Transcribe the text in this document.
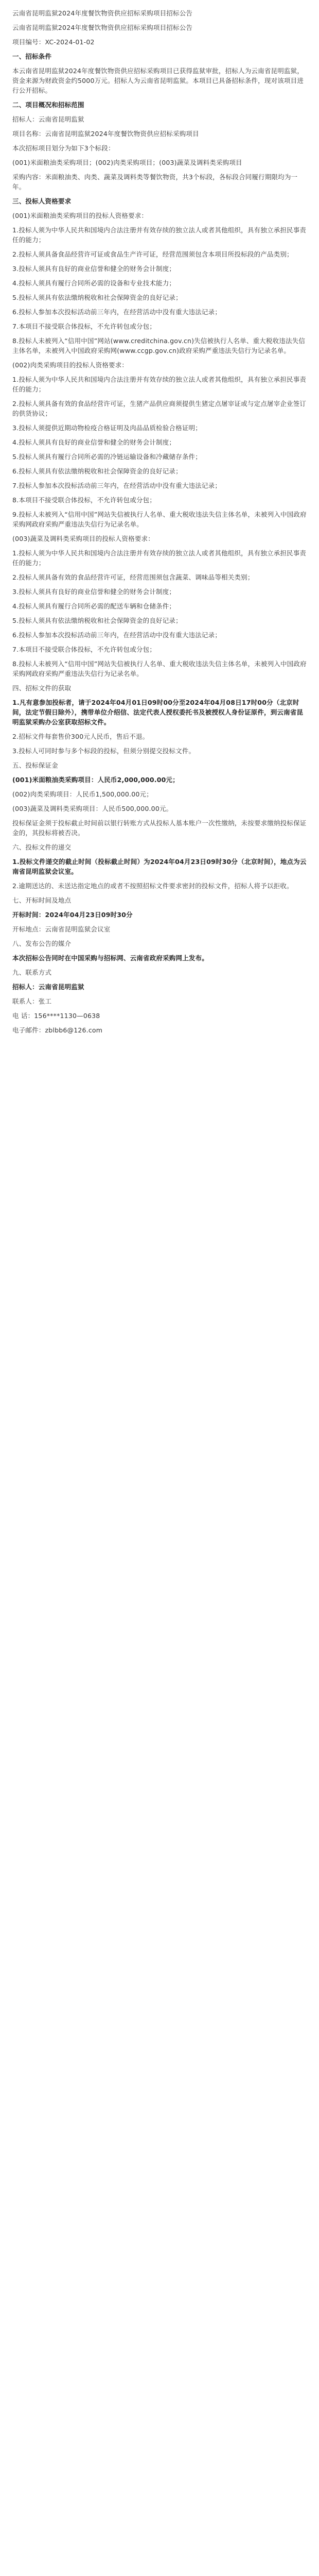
云南省昆明监狱2024年度餐饮物资供应招标采购项目招标公告

云南省昆明监狱2024年度餐饮物资供应招标采购项目招标公告

项目编号：XC-2024-01-02

一、招标条件

本云南省昆明监狱2024年度餐饮物资供应招标采购项目已获得监狱审批，招标人为云南省昆明监狱，资金来源为财政资金约5000万元。招标人为云南省昆明监狱。本项目已具备招标条件，现对该项目进行公开招标。

二、项目概况和招标范围

招标人：云南省昆明监狱

项目名称：云南省昆明监狱2024年度餐饮物资供应招标采购项目

本次招标项目划分为如下3个标段：

(001)米面粮油类采购项目；(002)肉类采购项目；(003)蔬菜及调料类采购项目

采购内容：米面粮油类、肉类、蔬菜及调料类等餐饮物资，共3个标段，各标段合同履行期限均为一年。

三、投标人资格要求

(001)米面粮油类采购项目的投标人资格要求：

1.投标人须为中华人民共和国境内合法注册并有效存续的独立法人或者其他组织，具有独立承担民事责任的能力；

2.投标人须具备食品经营许可证或食品生产许可证，经营范围须包含本项目所投标段的产品类别；

3.投标人须具有良好的商业信誉和健全的财务会计制度；

4.投标人须具有履行合同所必需的设备和专业技术能力；

5.投标人须具有依法缴纳税收和社会保障资金的良好记录；

6.投标人参加本次投标活动前三年内，在经营活动中没有重大违法记录；

7.本项目不接受联合体投标，不允许转包或分包；

8.投标人未被列入“信用中国”网站(www.creditchina.gov.cn)失信被执行人名单、重大税收违法失信主体名单，未被列入中国政府采购网(www.ccgp.gov.cn)政府采购严重违法失信行为记录名单。

(002)肉类采购项目的投标人资格要求：

1.投标人须为中华人民共和国境内合法注册并有效存续的独立法人或者其他组织，具有独立承担民事责任的能力；

2.投标人须具备有效的食品经营许可证，生猪产品供应商须提供生猪定点屠宰证或与定点屠宰企业签订的供货协议；

3.投标人须提供近期动物检疫合格证明及肉品品质检验合格证明；

4.投标人须具有良好的商业信誉和健全的财务会计制度；

5.投标人须具有履行合同所必需的冷链运输设备和冷藏储存条件；

6.投标人须具有依法缴纳税收和社会保障资金的良好记录；

7.投标人参加本次投标活动前三年内，在经营活动中没有重大违法记录；

8.本项目不接受联合体投标，不允许转包或分包；

9.投标人未被列入“信用中国”网站失信被执行人名单、重大税收违法失信主体名单，未被列入中国政府采购网政府采购严重违法失信行为记录名单。

(003)蔬菜及调料类采购项目的投标人资格要求：

1.投标人须为中华人民共和国境内合法注册并有效存续的独立法人或者其他组织，具有独立承担民事责任的能力；

2.投标人须具备有效的食品经营许可证，经营范围须包含蔬菜、调味品等相关类别；

3.投标人须具有良好的商业信誉和健全的财务会计制度；

4.投标人须具有履行合同所必需的配送车辆和仓储条件；

5.投标人须具有依法缴纳税收和社会保障资金的良好记录；

6.投标人参加本次投标活动前三年内，在经营活动中没有重大违法记录；

7.本项目不接受联合体投标，不允许转包或分包；

8.投标人未被列入“信用中国”网站失信被执行人名单、重大税收违法失信主体名单，未被列入中国政府采购网政府采购严重违法失信行为记录名单。

四、招标文件的获取

1.凡有意参加投标者，请于2024年04月01日09时00分至2024年04月08日17时00分（北京时间，法定节假日除外），携带单位介绍信、法定代表人授权委托书及被授权人身份证原件，到云南省昆明监狱采购办公室获取招标文件。

2.招标文件每套售价300元人民币，售后不退。

3.投标人可同时参与多个标段的投标，但须分别提交投标文件。

五、投标保证金

(001)米面粮油类采购项目：人民币2,000,000.00元；

(002)肉类采购项目：人民币1,500,000.00元；

(003)蔬菜及调料类采购项目：人民币500,000.00元。

投标保证金须于投标截止时间前以银行转账方式从投标人基本账户一次性缴纳，未按要求缴纳投标保证金的，其投标将被否决。

六、投标文件的递交

1.投标文件递交的截止时间（投标截止时间）为2024年04月23日09时30分（北京时间），地点为云南省昆明监狱会议室。

2.逾期送达的、未送达指定地点的或者不按照招标文件要求密封的投标文件，招标人将予以拒收。

七、开标时间及地点

开标时间：2024年04月23日09时30分

开标地点：云南省昆明监狱会议室

八、发布公告的媒介

本次招标公告同时在中国采购与招标网、云南省政府采购网上发布。

九、联系方式

招标人：云南省昆明监狱

联系人：张工

电 话：156****1130—0638

电子邮件：zblbb6@126.com
